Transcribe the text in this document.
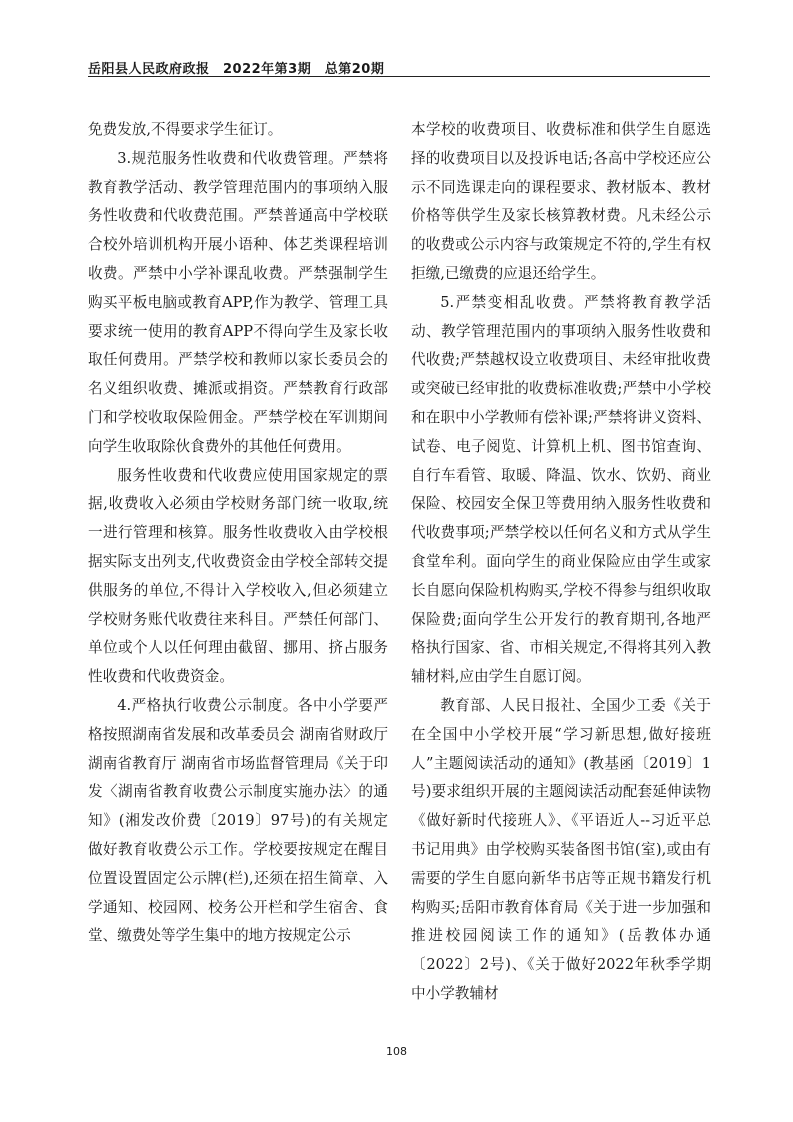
岳阳县人民政府政报　2022年第3期　总第20期

免费发放,不得要求学生征订。

3.规范服务性收费和代收费管理。严禁将教育教学活动、教学管理范围内的事项纳入服务性收费和代收费范围。严禁普通高中学校联合校外培训机构开展小语种、体艺类课程培训收费。严禁中小学补课乱收费。严禁强制学生购买平板电脑或教育APP,作为教学、管理工具要求统一使用的教育APP不得向学生及家长收取任何费用。严禁学校和教师以家长委员会的名义组织收费、摊派或捐资。严禁教育行政部门和学校收取保险佣金。严禁学校在军训期间向学生收取除伙食费外的其他任何费用。

服务性收费和代收费应使用国家规定的票据,收费收入必须由学校财务部门统一收取,统一进行管理和核算。服务性收费收入由学校根据实际支出列支,代收费资金由学校全部转交提供服务的单位,不得计入学校收入,但必须建立学校财务账代收费往来科目。严禁任何部门、单位或个人以任何理由截留、挪用、挤占服务性收费和代收费资金。

4.严格执行收费公示制度。各中小学要严格按照湖南省发展和改革委员会 湖南省财政厅 湖南省教育厅 湖南省市场监督管理局《关于印发〈湖南省教育收费公示制度实施办法〉的通知》(湘发改价费〔2019〕97号)的有关规定做好教育收费公示工作。学校要按规定在醒目位置设置固定公示牌(栏),还须在招生简章、入学通知、校园网、校务公开栏和学生宿舍、食堂、缴费处等学生集中的地方按规定公示

本学校的收费项目、收费标准和供学生自愿选择的收费项目以及投诉电话;各高中学校还应公示不同选课走向的课程要求、教材版本、教材价格等供学生及家长核算教材费。凡未经公示的收费或公示内容与政策规定不符的,学生有权拒缴,已缴费的应退还给学生。

5.严禁变相乱收费。严禁将教育教学活动、教学管理范围内的事项纳入服务性收费和代收费;严禁越权设立收费项目、未经审批收费或突破已经审批的收费标准收费;严禁中小学校和在职中小学教师有偿补课;严禁将讲义资料、试卷、电子阅览、计算机上机、图书馆查询、自行车看管、取暖、降温、饮水、饮奶、商业保险、校园安全保卫等费用纳入服务性收费和代收费事项;严禁学校以任何名义和方式从学生食堂牟利。面向学生的商业保险应由学生或家长自愿向保险机构购买,学校不得参与组织收取保险费;面向学生公开发行的教育期刊,各地严格执行国家、省、市相关规定,不得将其列入教辅材料,应由学生自愿订阅。

教育部、人民日报社、全国少工委《关于在全国中小学校开展“学习新思想,做好接班人”主题阅读活动的通知》(教基函〔2019〕1号)要求组织开展的主题阅读活动配套延伸读物《做好新时代接班人》、《平语近人--习近平总书记用典》由学校购买装备图书馆(室),或由有需要的学生自愿向新华书店等正规书籍发行机构购买;岳阳市教育体育局《关于进一步加强和推进校园阅读工作的通知》(岳教体办通〔2022〕2号)、《关于做好2022年秋季学期中小学教辅材

108
